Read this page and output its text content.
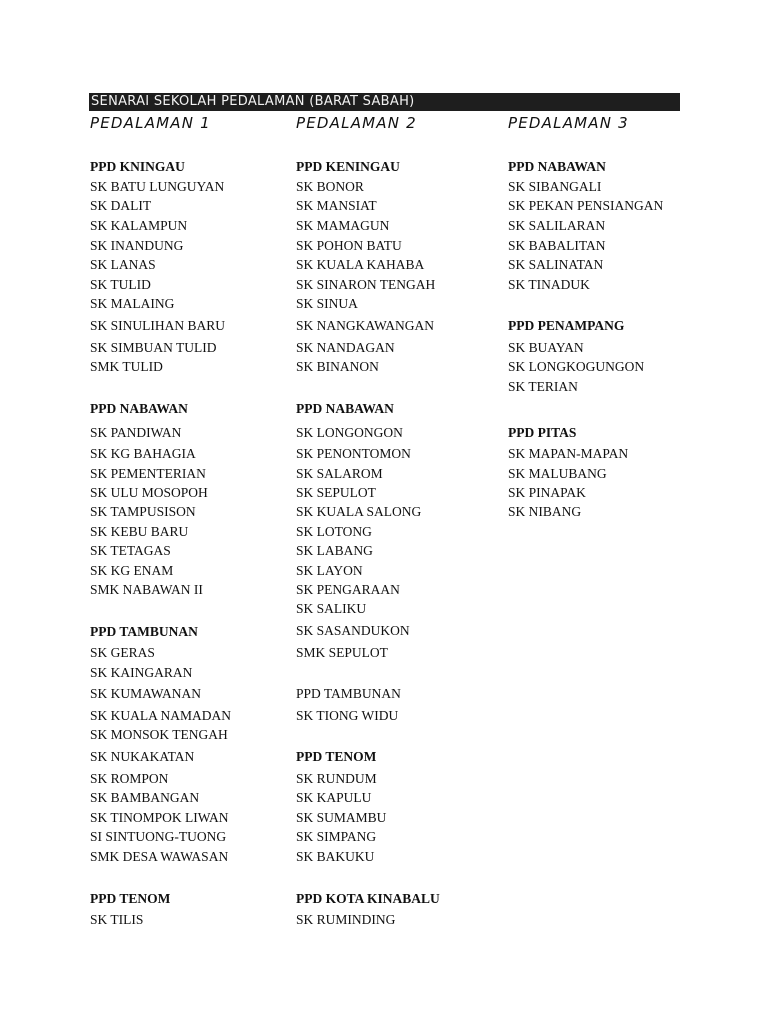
SENARAI SEKOLAH PEDALAMAN (BARAT SABAH)
PEDALAMAN 1	PEDALAMAN 2	PEDALAMAN 3
PPD KNINGAU
SK BATU LUNGUYAN
SK DALIT
SK KALAMPUN
SK INANDUNG
SK LANAS
SK TULID
SK MALAING
SK SINULIHAN BARU
SK SIMBUAN TULID
SMK TULID
PPD NABAWAN
SK PANDIWAN
SK KG BAHAGIA
SK PEMENTERIAN
SK ULU MOSOPOH
SK TAMPUSISON
SK KEBU BARU
SK TETAGAS
SK KG ENAM
SMK NABAWAN II
PPD TAMBUNAN
SK GERAS
SK KAINGARAN
SK KUMAWANAN
SK KUALA NAMADAN
SK MONSOK TENGAH
SK NUKAKATAN
SK ROMPON
SK BAMBANGAN
SK TINOMPOK LIWAN
SI SINTUONG-TUONG
SMK DESA WAWASAN
PPD TENOM
SK TILIS
PPD KENINGAU
SK BONOR
SK MANSIAT
SK MAMAGUN
SK POHON BATU
SK KUALA KAHABA
SK SINARON TENGAH
SK SINUA
SK NANGKAWANGAN
SK NANDAGAN
SK BINANON
PPD NABAWAN
SK LONGONGON
SK PENONTOMON
SK SALAROM
SK SEPULOT
SK KUALA SALONG
SK LOTONG
SK LABANG
SK LAYON
SK PENGARAAN
SK SALIKU
SK SASANDUKON
SMK SEPULOT
PPD TAMBUNAN
SK TIONG WIDU
PPD TENOM
SK RUNDUM
SK KAPULU
SK SUMAMBU
SK SIMPANG
SK BAKUKU
PPD KOTA KINABALU
SK RUMINDING
PPD NABAWAN
SK SIBANGALI
SK PEKAN PENSIANGAN
SK SALILARAN
SK BABALITAN
SK SALINATAN
SK TINADUK
PPD PENAMPANG
SK BUAYAN
SK LONGKOGUNGON
SK TERIAN
PPD PITAS
SK MAPAN-MAPAN
SK MALUBANG
SK PINAPAK
SK NIBANG
